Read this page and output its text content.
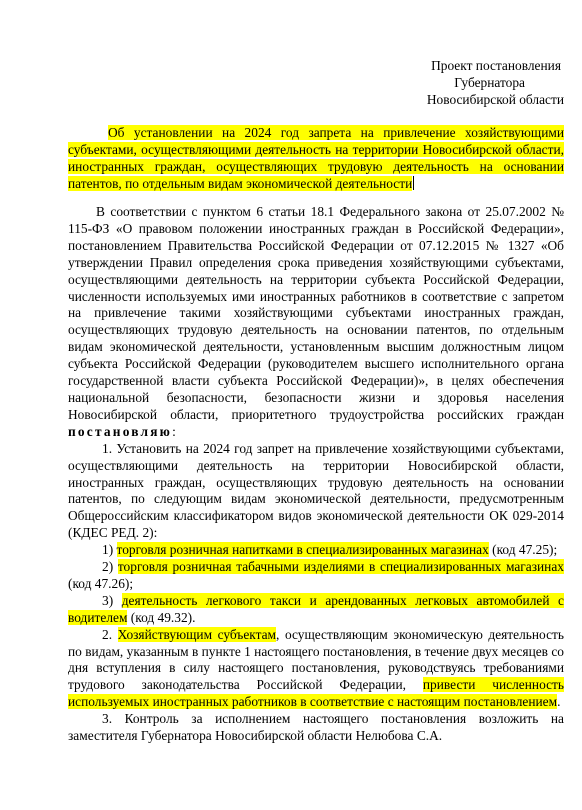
Проект постановления
Губернатора
Новосибирской области
Об установлении на 2024 год запрета на привлечение хозяйствующими субъектами, осуществляющими деятельность на территории Новосибирской области, иностранных граждан, осуществляющих трудовую деятельность на основании патентов, по отдельным видам экономической деятельности

В соответствии с пунктом 6 статьи 18.1 Федерального закона от 25.07.2002 № 115-ФЗ «О правовом положении иностранных граждан в Российской Федерации», постановлением Правительства Российской Федерации от 07.12.2015 № 1327 «Об утверждении Правил определения срока приведения хозяйствующими субъектами, осуществляющими деятельность на территории субъекта Российской Федерации, численности используемых ими иностранных работников в соответствие с запретом на привлечение такими хозяйствующими субъектами иностранных граждан, осуществляющих трудовую деятельность на основании патентов, по отдельным видам экономической деятельности, установленным высшим должностным лицом субъекта Российской Федерации (руководителем высшего исполнительного органа государственной власти субъекта Российской Федерации)», в целях обеспечения национальной безопасности, безопасности жизни и здоровья населения Новосибирской области, приоритетного трудоустройства российских граждан постановляю:

1. Установить на 2024 год запрет на привлечение хозяйствующими субъектами, осуществляющими деятельность на территории Новосибирской области, иностранных граждан, осуществляющих трудовую деятельность на основании патентов, по следующим видам экономической деятельности, предусмотренным Общероссийским классификатором видов экономической деятельности ОК 029-2014 (КДЕС РЕД. 2):

1) торговля розничная напитками в специализированных магазинах (код 47.25);

2) торговля розничная табачными изделиями в специализированных магазинах (код 47.26);

3) деятельность легкового такси и арендованных легковых автомобилей с водителем (код 49.32).

2. Хозяйствующим субъектам, осуществляющим экономическую деятельность по видам, указанным в пункте 1 настоящего постановления, в течение двух месяцев со дня вступления в силу настоящего постановления, руководствуясь требованиями трудового законодательства Российской Федерации, привести численность используемых иностранных работников в соответствие с настоящим постановлением.

3. Контроль за исполнением настоящего постановления возложить на заместителя Губернатора Новосибирской области Нелюбова С.А.
